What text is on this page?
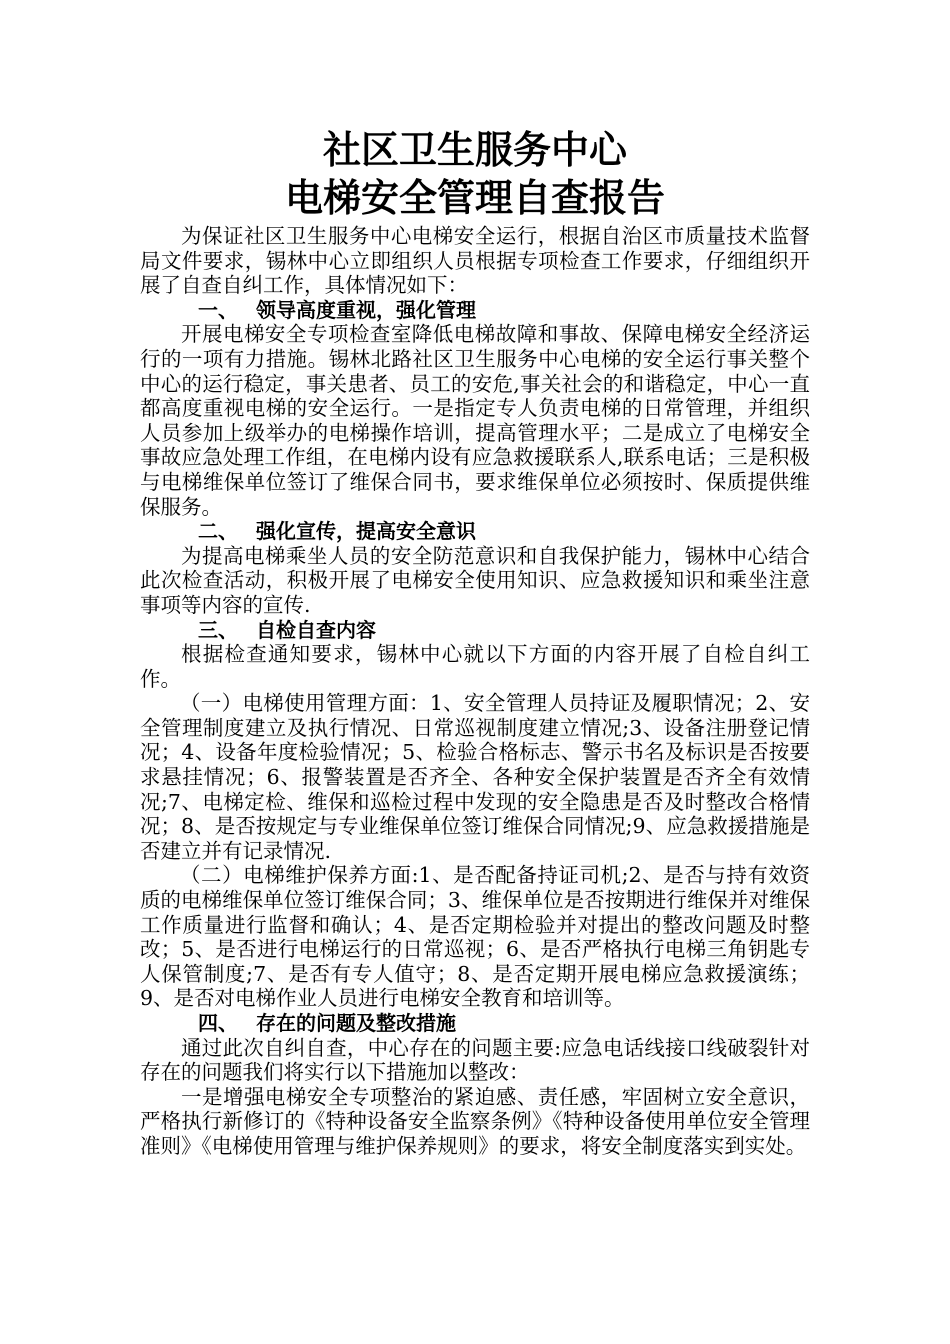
社区卫生服务中心
电梯安全管理自查报告

为保证社区卫生服务中心电梯安全运行，根据自治区市质量技术监督局文件要求，锡林中心立即组织人员根据专项检查工作要求，仔细组织开展了自查自纠工作，具体情况如下：

一、 领导高度重视，强化管理

开展电梯安全专项检查室降低电梯故障和事故、保障电梯安全经济运行的一项有力措施。锡林北路社区卫生服务中心电梯的安全运行事关整个中心的运行稳定，事关患者、员工的安危,事关社会的和谐稳定，中心一直都高度重视电梯的安全运行。一是指定专人负责电梯的日常管理，并组织人员参加上级举办的电梯操作培训，提高管理水平；二是成立了电梯安全事故应急处理工作组，在电梯内设有应急救援联系人,联系电话；三是积极与电梯维保单位签订了维保合同书，要求维保单位必须按时、保质提供维保服务。

二、 强化宣传，提高安全意识

为提高电梯乘坐人员的安全防范意识和自我保护能力，锡林中心结合此次检查活动，积极开展了电梯安全使用知识、应急救援知识和乘坐注意事项等内容的宣传.

三、 自检自查内容

根据检查通知要求，锡林中心就以下方面的内容开展了自检自纠工作。

（一）电梯使用管理方面：1、安全管理人员持证及履职情况；2、安全管理制度建立及执行情况、日常巡视制度建立情况;3、设备注册登记情况；4、设备年度检验情况；5、检验合格标志、警示书名及标识是否按要求悬挂情况；6、报警装置是否齐全、各种安全保护装置是否齐全有效情况;7、电梯定检、维保和巡检过程中发现的安全隐患是否及时整改合格情况；8、是否按规定与专业维保单位签订维保合同情况;9、应急救援措施是否建立并有记录情况.

（二）电梯维护保养方面:1、是否配备持证司机;2、是否与持有效资质的电梯维保单位签订维保合同；3、维保单位是否按期进行维保并对维保工作质量进行监督和确认；4、是否定期检验并对提出的整改问题及时整改；5、是否进行电梯运行的日常巡视；6、是否严格执行电梯三角钥匙专人保管制度;7、是否有专人值守；8、是否定期开展电梯应急救援演练；9、是否对电梯作业人员进行电梯安全教育和培训等。

四、 存在的问题及整改措施

通过此次自纠自查，中心存在的问题主要:应急电话线接口线破裂针对存在的问题我们将实行以下措施加以整改：

一是增强电梯安全专项整治的紧迫感、责任感，牢固树立安全意识，严格执行新修订的《特种设备安全监察条例》《特种设备使用单位安全管理准则》《电梯使用管理与维护保养规则》的要求，将安全制度落实到实处。
